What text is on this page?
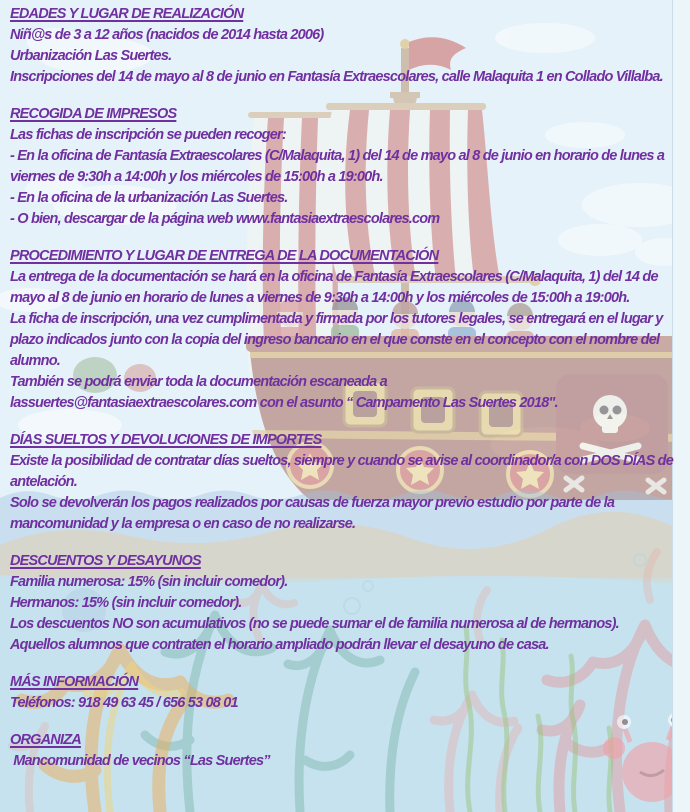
EDADES Y LUGAR DE REALIZACIÓN

Niñ@s de 3 a 12 años (nacidos de 2014 hasta 2006)

Urbanización Las Suertes.

Inscripciones del 14 de mayo al 8 de junio en Fantasía Extraescolares, calle Malaquita 1 en Collado Villalba.

RECOGIDA DE IMPRESOS

Las fichas de inscripción se pueden recoger:

- En la oficina de Fantasía Extraescolares (C/Malaquita, 1) del 14 de mayo al 8 de junio en horario de lunes a viernes de 9:30h a 14:00h y los miércoles de 15:00h a 19:00h.

- En la oficina de la urbanización Las Suertes.

- O bien, descargar de la página web www.fantasiaextraescolares.com

PROCEDIMIENTO Y LUGAR DE ENTREGA DE LA DOCUMENTACIÓN

La entrega de la documentación se hará en la oficina de Fantasía Extraescolares (C/Malaquita, 1) del 14 de mayo al 8 de junio en horario de lunes a viernes de 9:30h a 14:00h y los miércoles de 15:00h a 19:00h.

La ficha de inscripción, una vez cumplimentada y firmada por los tutores legales, se entregará en el lugar y plazo indicados junto con la copia del ingreso bancario en el que conste en el concepto con el nombre del alumno.

También se podrá enviar toda la documentación escaneada a

lassuertes@fantasiaextraescolares.com con el asunto “ Campamento Las Suertes 2018".

DÍAS SUELTOS Y DEVOLUCIONES DE IMPORTES

Existe la posibilidad de contratar días sueltos, siempre y cuando se avise al coordinador/a con DOS DÍAS de antelación.

Solo se devolverán los pagos realizados por causas de fuerza mayor previo estudio por parte de la mancomunidad y la empresa o en caso de no realizarse.

DESCUENTOS Y DESAYUNOS

Familia numerosa: 15% (sin incluir comedor).

Hermanos: 15% (sin incluir comedor).

Los descuentos NO son acumulativos (no se puede sumar el de familia numerosa al de hermanos).

Aquellos alumnos que contraten el horario ampliado podrán llevar el desayuno de casa.

MÁS INFORMACIÓN

Teléfonos: 918 49 63 45 / 656 53 08 01

ORGANIZA

Mancomunidad de vecinos “Las Suertes”
